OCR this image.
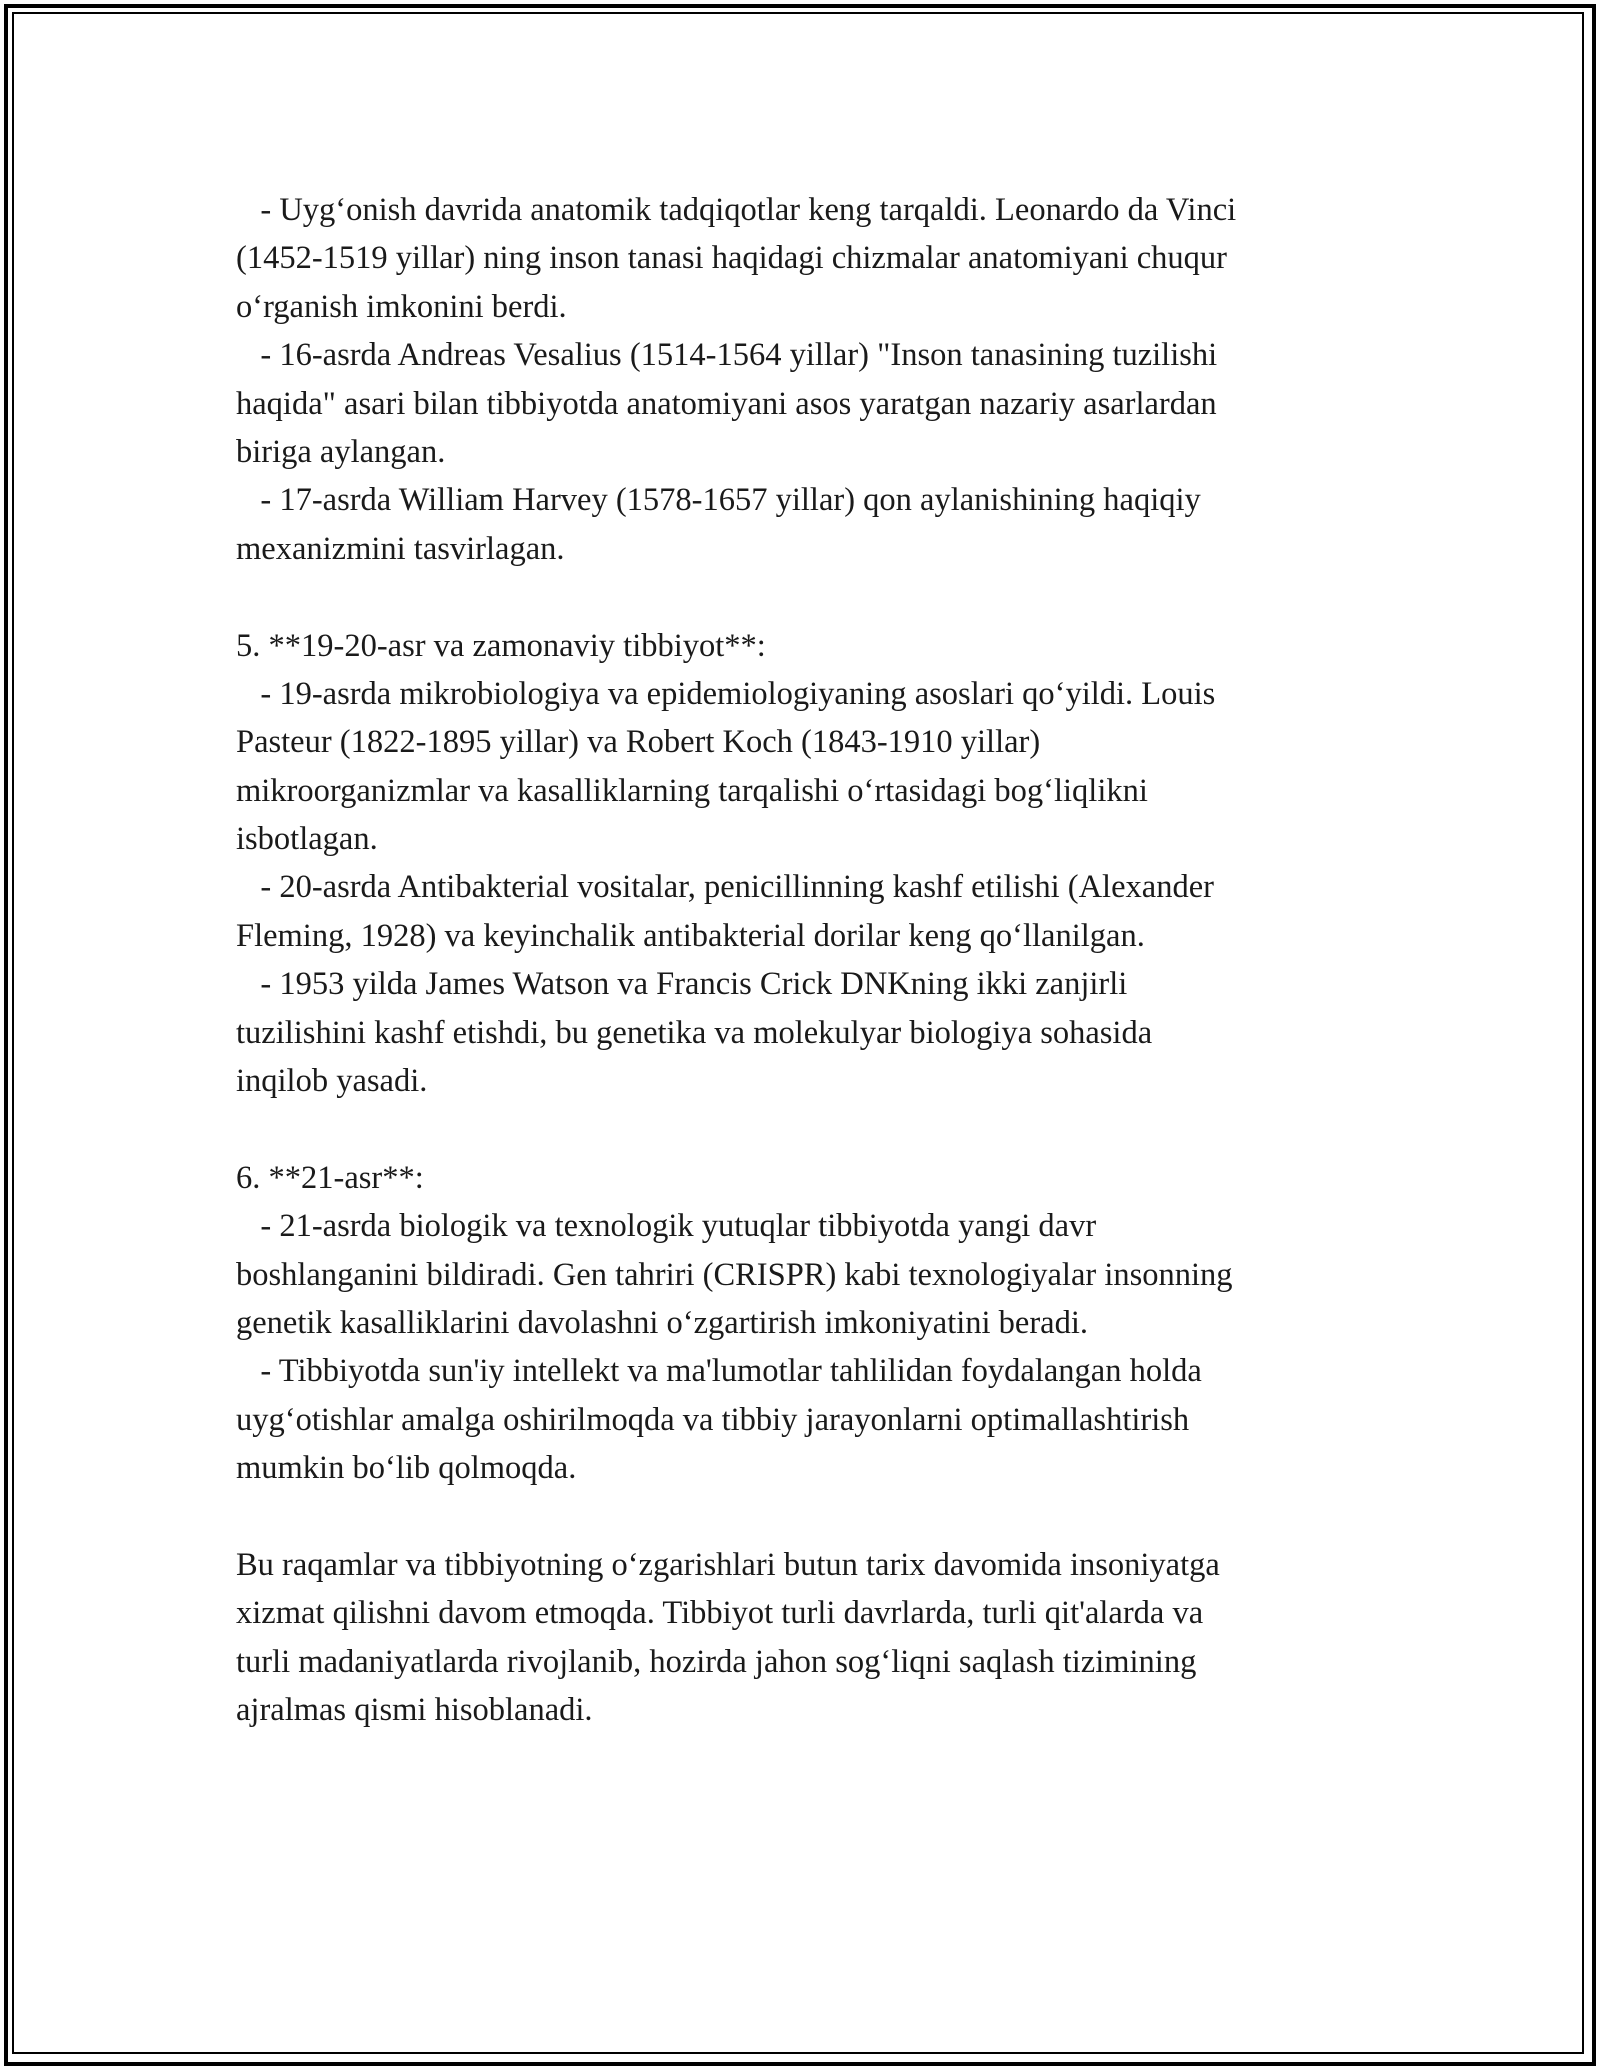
- Uygʻonish davrida anatomik tadqiqotlar keng tarqaldi. Leonardo da Vinci
(1452-1519 yillar) ning inson tanasi haqidagi chizmalar anatomiyani chuqur
oʻrganish imkonini berdi.
- 16-asrda Andreas Vesalius (1514-1564 yillar) "Inson tanasining tuzilishi
haqida" asari bilan tibbiyotda anatomiyani asos yaratgan nazariy asarlardan
biriga aylangan.
- 17-asrda William Harvey (1578-1657 yillar) qon aylanishining haqiqiy
mexanizmini tasvirlagan.
5. **19-20-asr va zamonaviy tibbiyot**:
- 19-asrda mikrobiologiya va epidemiologiyaning asoslari qoʻyildi. Louis
Pasteur (1822-1895 yillar) va Robert Koch (1843-1910 yillar)
mikroorganizmlar va kasalliklarning tarqalishi oʻrtasidagi bogʻliqlikni
isbotlagan.
- 20-asrda Antibakterial vositalar, penicillinning kashf etilishi (Alexander
Fleming, 1928) va keyinchalik antibakterial dorilar keng qoʻllanilgan.
- 1953 yilda James Watson va Francis Crick DNKning ikki zanjirli
tuzilishini kashf etishdi, bu genetika va molekulyar biologiya sohasida
inqilob yasadi.
6. **21-asr**:
- 21-asrda biologik va texnologik yutuqlar tibbiyotda yangi davr
boshlanganini bildiradi. Gen tahriri (CRISPR) kabi texnologiyalar insonning
genetik kasalliklarini davolashni oʻzgartirish imkoniyatini beradi.
- Tibbiyotda sun'iy intellekt va ma'lumotlar tahlilidan foydalangan holda
uygʻotishlar amalga oshirilmoqda va tibbiy jarayonlarni optimallashtirish
mumkin boʻlib qolmoqda.
Bu raqamlar va tibbiyotning oʻzgarishlari butun tarix davomida insoniyatga
xizmat qilishni davom etmoqda. Tibbiyot turli davrlarda, turli qit'alarda va
turli madaniyatlarda rivojlanib, hozirda jahon sogʻliqni saqlash tizimining
ajralmas qismi hisoblanadi.
